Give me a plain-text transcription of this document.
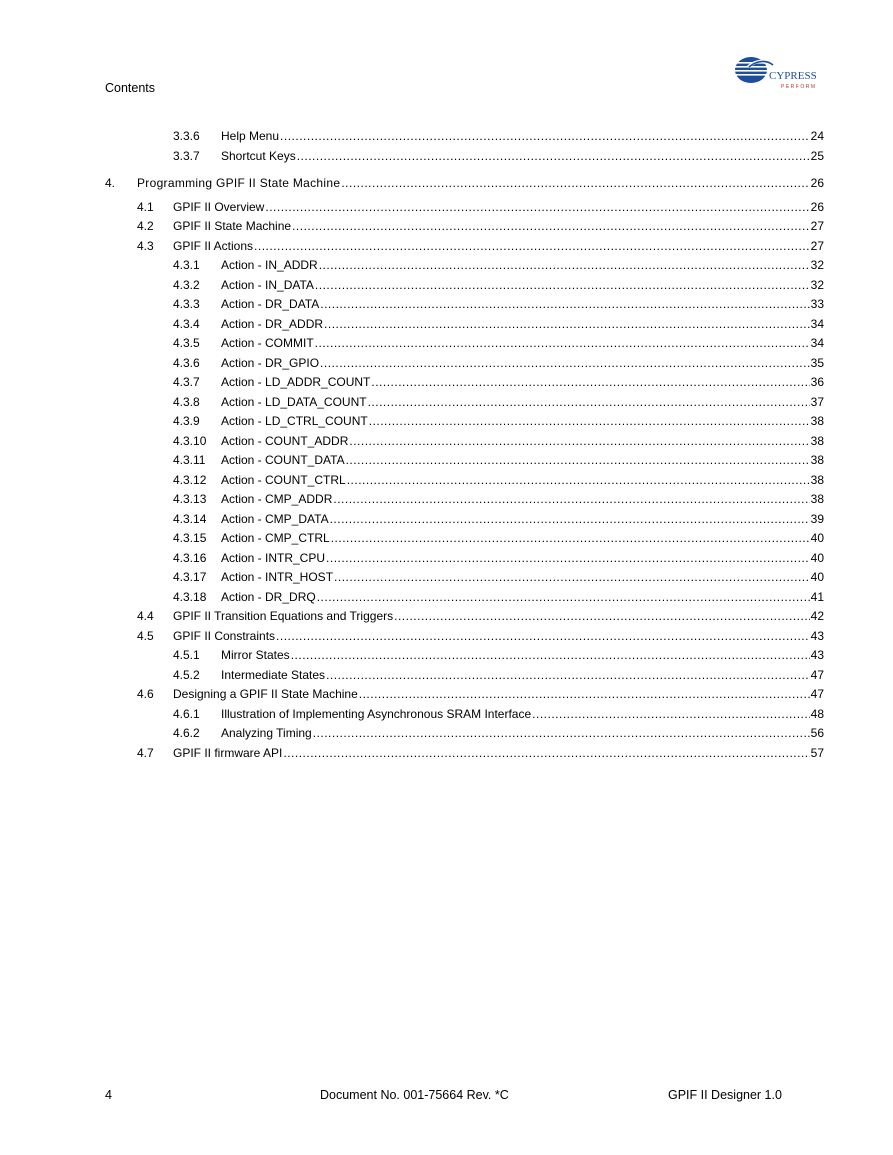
Contents
CYPRESS
PERFORM
3.3.6 Help Menu .....	24
3.3.7 Shortcut Keys .....	25
4. Programming GPIF II State Machine .....	26
4.1 GPIF II Overview .....	26
4.2 GPIF II State Machine .....	27
4.3 GPIF II Actions .....	27
4.3.1 Action - IN_ADDR .....	32
4.3.2 Action - IN_DATA .....	32
4.3.3 Action - DR_DATA .....	33
4.3.4 Action - DR_ADDR .....	34
4.3.5 Action - COMMIT .....	34
4.3.6 Action - DR_GPIO .....	35
4.3.7 Action - LD_ADDR_COUNT .....	36
4.3.8 Action - LD_DATA_COUNT .....	37
4.3.9 Action - LD_CTRL_COUNT .....	38
4.3.10 Action - COUNT_ADDR .....	38
4.3.11 Action - COUNT_DATA .....	38
4.3.12 Action - COUNT_CTRL .....	38
4.3.13 Action - CMP_ADDR .....	38
4.3.14 Action - CMP_DATA .....	39
4.3.15 Action - CMP_CTRL .....	40
4.3.16 Action - INTR_CPU .....	40
4.3.17 Action - INTR_HOST .....	40
4.3.18 Action - DR_DRQ .....	41
4.4 GPIF II Transition Equations and Triggers .....	42
4.5 GPIF II Constraints .....	43
4.5.1 Mirror States .....	43
4.5.2 Intermediate States .....	47
4.6 Designing a GPIF II State Machine .....	47
4.6.1 Illustration of Implementing Asynchronous SRAM Interface .....	48
4.6.2 Analyzing Timing .....	56
4.7 GPIF II firmware API .....	57
4	Document No. 001-75664 Rev. *C	GPIF II Designer 1.0
